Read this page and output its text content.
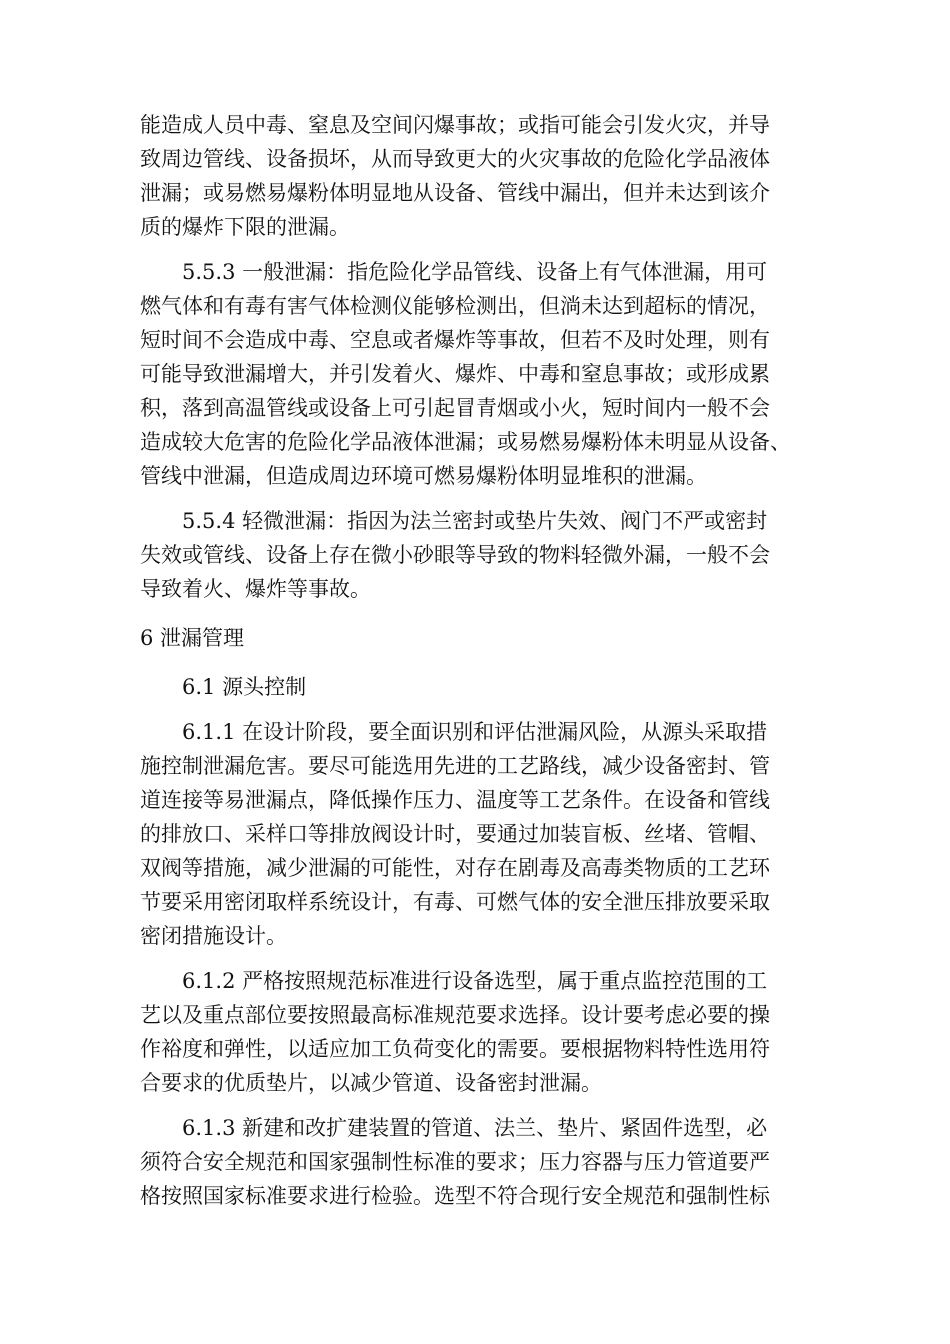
能造成人员中毒、窒息及空间闪爆事故；或指可能会引发火灾，并导
致周边管线、设备损坏，从而导致更大的火灾事故的危险化学品液体
泄漏；或易燃易爆粉体明显地从设备、管线中漏出，但并未达到该介
质的爆炸下限的泄漏。
5.5.3 一般泄漏：指危险化学品管线、设备上有气体泄漏，用可
燃气体和有毒有害气体检测仪能够检测出，但淌未达到超标的情况，
短时间不会造成中毒、空息或者爆炸等事故，但若不及时处理，则有
可能导致泄漏增大，并引发着火、爆炸、中毒和窒息事故；或形成累
积，落到高温管线或设备上可引起冒青烟或小火，短时间内一般不会
造成较大危害的危险化学品液体泄漏；或易燃易爆粉体未明显从设备、
管线中泄漏，但造成周边环境可燃易爆粉体明显堆积的泄漏。
5.5.4 轻微泄漏：指因为法兰密封或垫片失效、阀门不严或密封
失效或管线、设备上存在微小砂眼等导致的物料轻微外漏，一般不会
导致着火、爆炸等事故。
6 泄漏管理
6.1 源头控制
6.1.1 在设计阶段，要全面识别和评估泄漏风险，从源头采取措
施控制泄漏危害。要尽可能选用先进的工艺路线，减少设备密封、管
道连接等易泄漏点，降低操作压力、温度等工艺条件。在设备和管线
的排放口、采样口等排放阀设计时，要通过加装盲板、丝堵、管帽、
双阀等措施，减少泄漏的可能性，对存在剧毒及高毒类物质的工艺环
节要采用密闭取样系统设计，有毒、可燃气体的安全泄压排放要采取
密闭措施设计。
6.1.2 严格按照规范标准进行设备选型，属于重点监控范围的工
艺以及重点部位要按照最高标准规范要求选择。设计要考虑必要的操
作裕度和弹性，以适应加工负荷变化的需要。要根据物料特性选用符
合要求的优质垫片，以减少管道、设备密封泄漏。
6.1.3 新建和改扩建装置的管道、法兰、垫片、紧固件选型，必
须符合安全规范和国家强制性标准的要求；压力容器与压力管道要严
格按照国家标准要求进行检验。选型不符合现行安全规范和强制性标
